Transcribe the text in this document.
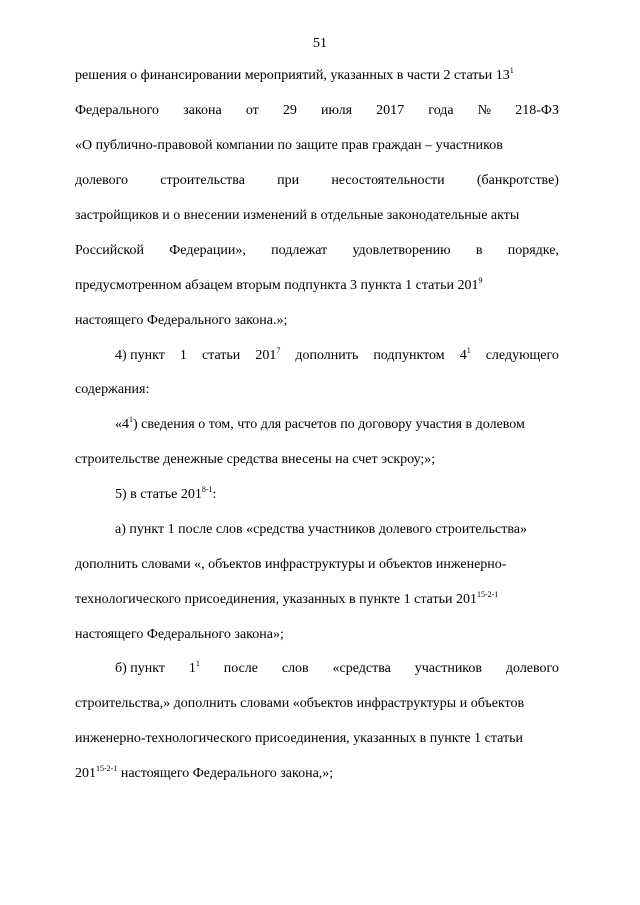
51
решения о финансировании мероприятий, указанных в части 2 статьи $13^1$
Федерального закона от 29 июля 2017 года № 218-ФЗ
«О публично-правовой компании по защите прав граждан – участников
долевого строительства при несостоятельности (банкротстве)
застройщиков и о внесении изменений в отдельные законодательные акты
Российской Федерации», подлежат удовлетворению в порядке,
предусмотренном абзацем вторым подпункта 3 пункта 1 статьи $201^9$
настоящего Федерального закона.»;
4) пункт 1 статьи $201^7$ дополнить подпунктом $4^1$ следующего
содержания:
«$4^1$) сведения о том, что для расчетов по договору участия в долевом
строительстве денежные средства внесены на счет эскроу;»;
5) в статье 201$^{8-1}$:
а) пункт 1 после слов «средства участников долевого строительства»
дополнить словами «, объектов инфраструктуры и объектов инженерно-
технологического присоединения, указанных в пункте 1 статьи 201$^{15-2-1}$
настоящего Федерального закона»;
б) пункт $1^1$ после слов «средства участников долевого
строительства,» дополнить словами «объектов инфраструктуры и объектов
инженерно-технологического присоединения, указанных в пункте 1 статьи
201$^{15-2-1}$ настоящего Федерального закона,»;
